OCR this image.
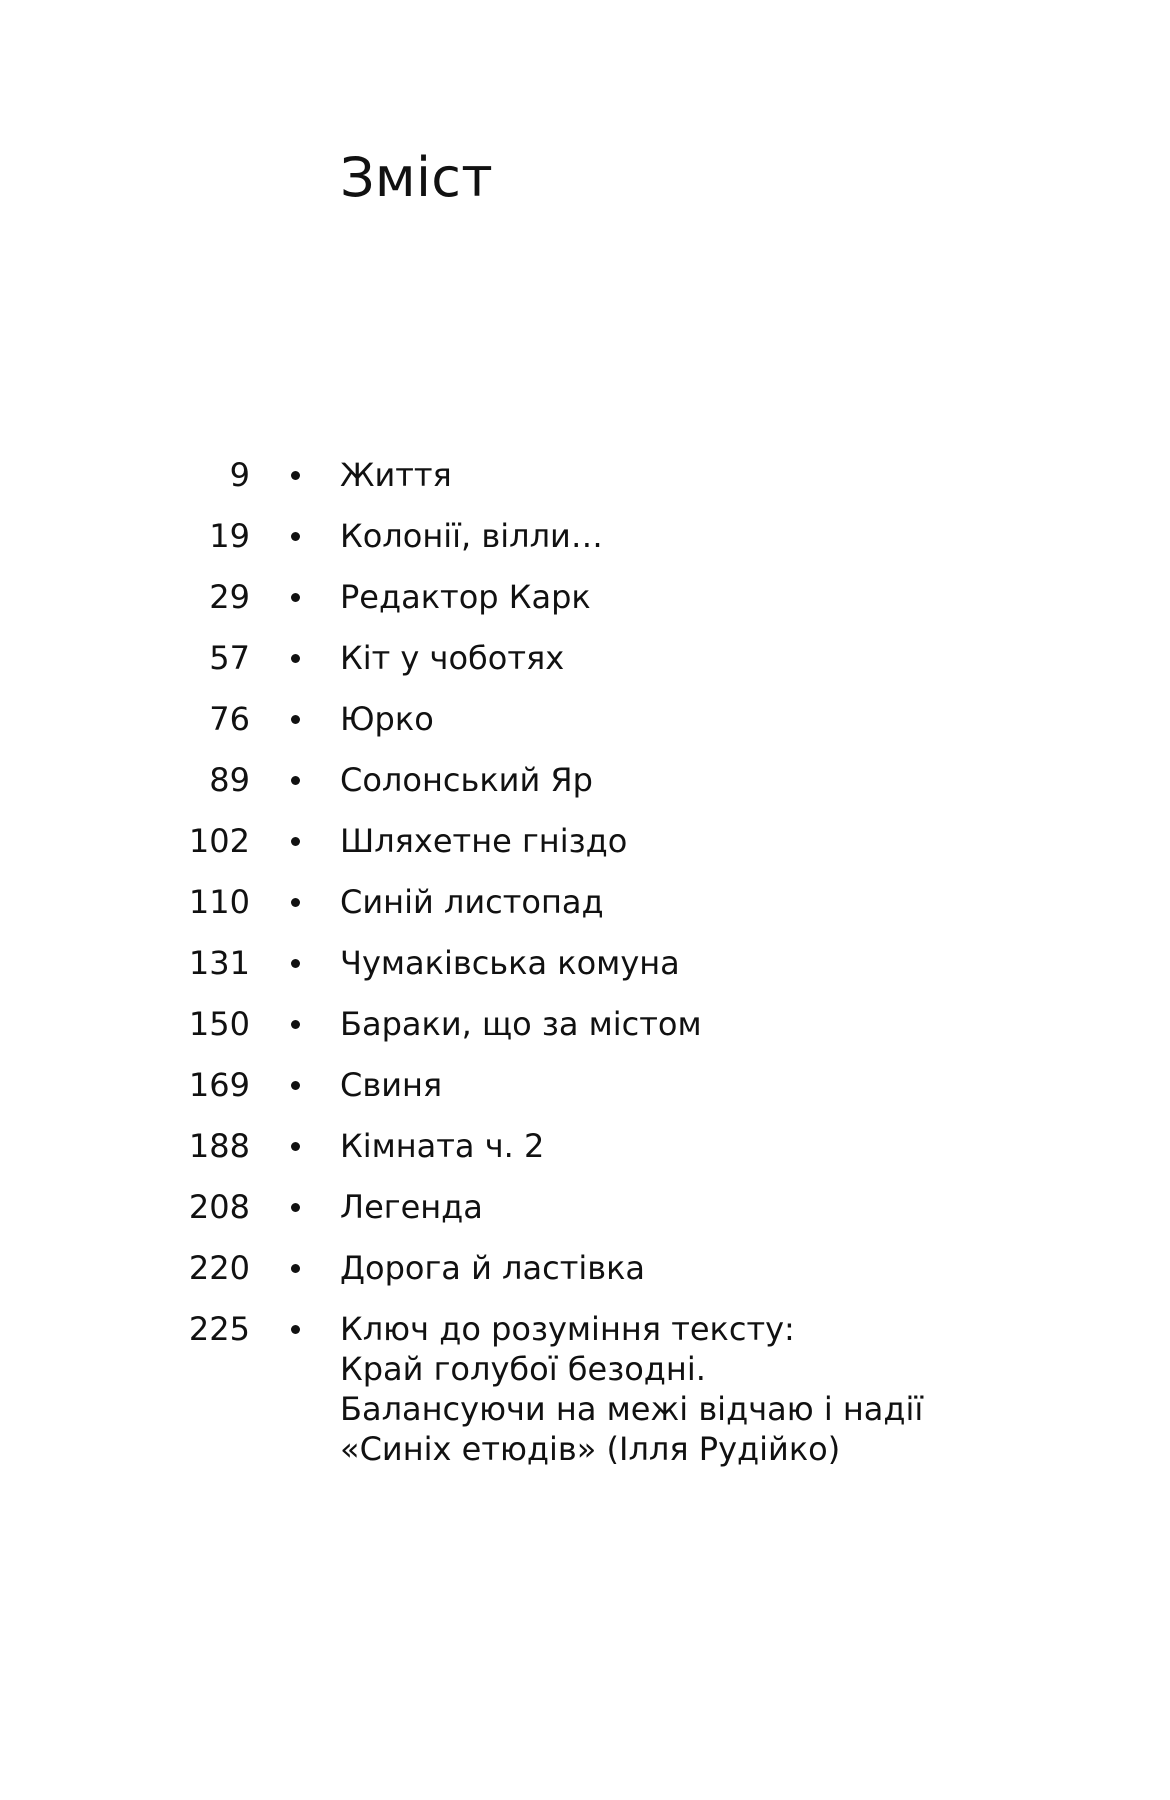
Зміст
9	Життя
19	Колонії, вілли…
29	Редактор Карк
57	Кіт у чоботях
76	Юрко
89	Солонський Яр
102	Шляхетне гніздо
110	Синій листопад
131	Чумаківська комуна
150	Бараки, що за містом
169	Свиня
188	Кімната ч. 2
208	Легенда
220	Дорога й ластівка
225	Ключ до розуміння тексту:
Край голубої безодні.
Балансуючи на межі відчаю і надії
«Синіх етюдів» (Ілля Рудійко)
